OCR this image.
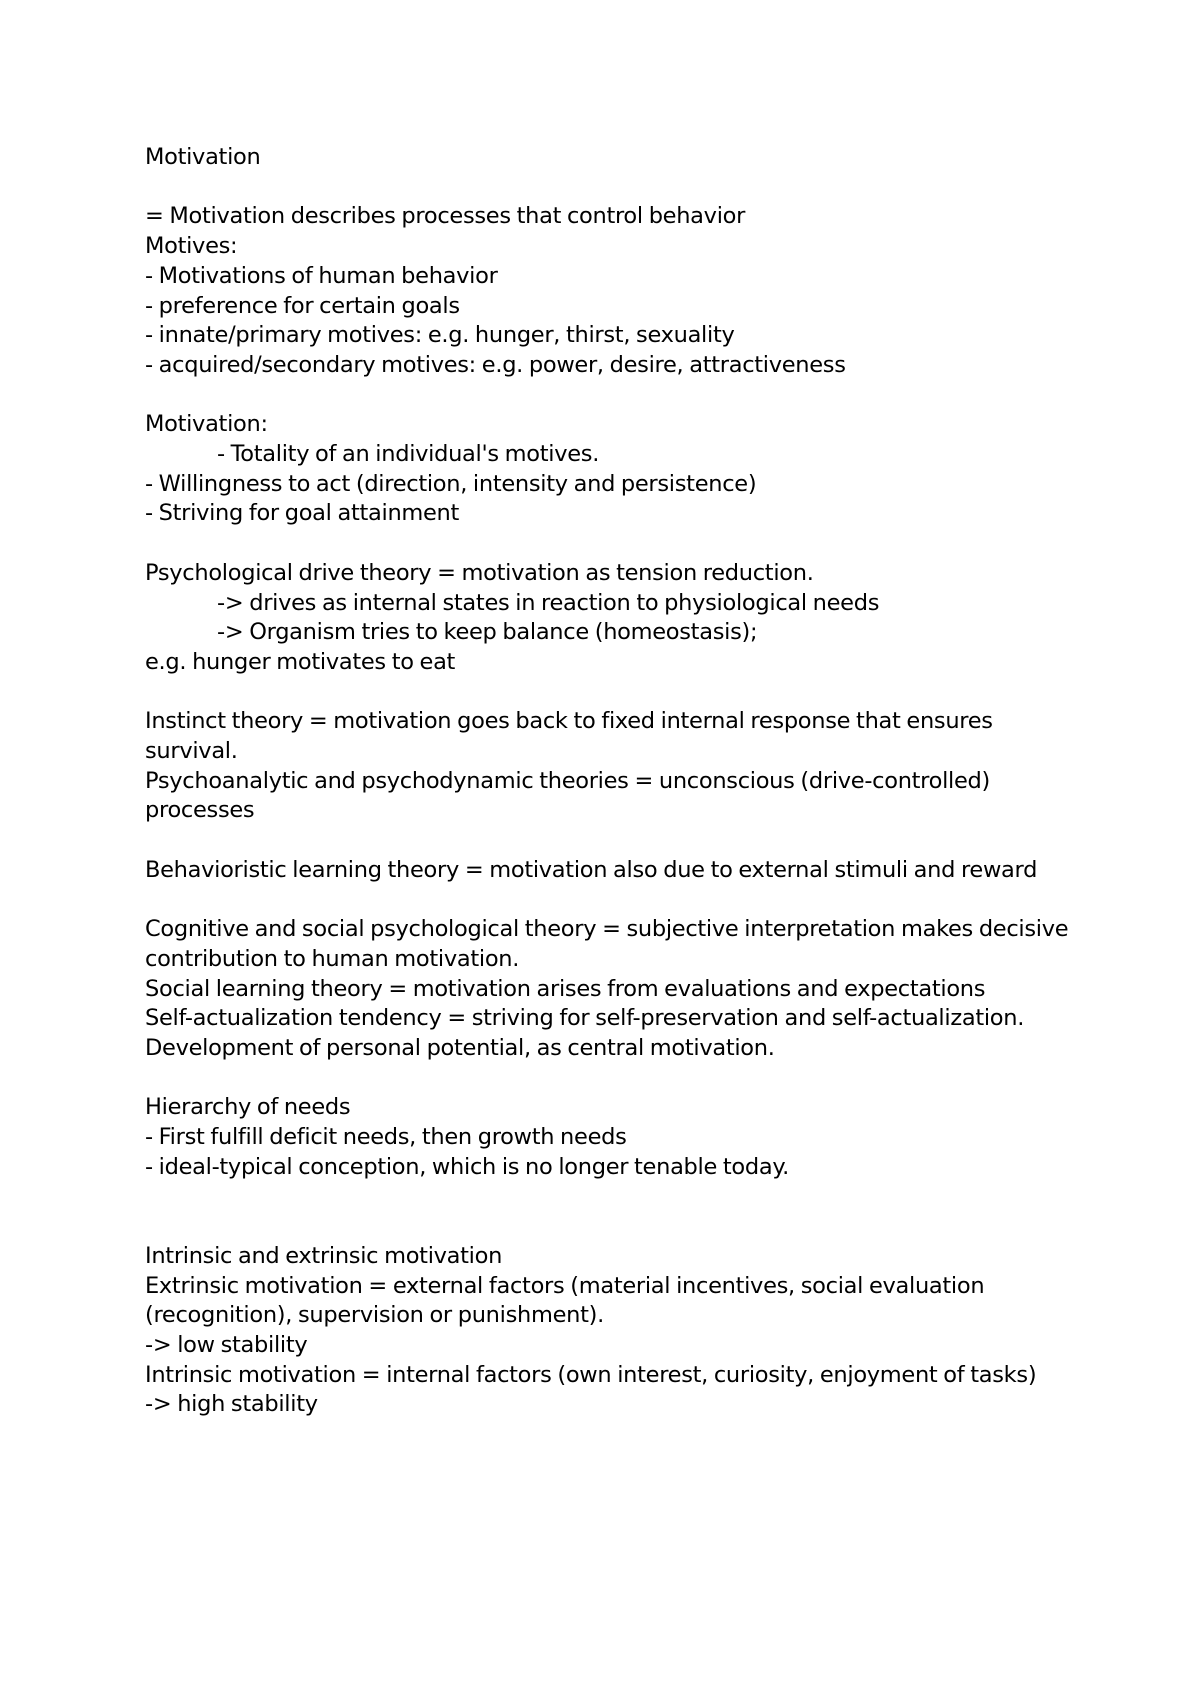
Motivation
= Motivation describes processes that control behavior
Motives:
- Motivations of human behavior
- preference for certain goals
- innate/primary motives: e.g. hunger, thirst, sexuality
- acquired/secondary motives: e.g. power, desire, attractiveness
Motivation:
- Totality of an individual's motives.
- Willingness to act (direction, intensity and persistence)
- Striving for goal attainment
Psychological drive theory = motivation as tension reduction.
-> drives as internal states in reaction to physiological needs
-> Organism tries to keep balance (homeostasis);
e.g. hunger motivates to eat
Instinct theory = motivation goes back to fixed internal response that ensures survival.
Psychoanalytic and psychodynamic theories = unconscious (drive-controlled) processes
Behavioristic learning theory = motivation also due to external stimuli and reward
Cognitive and social psychological theory = subjective interpretation makes decisive contribution to human motivation.
Social learning theory = motivation arises from evaluations and expectations
Self-actualization tendency = striving for self-preservation and self-actualization. Development of personal potential, as central motivation.
Hierarchy of needs
- First fulfill deficit needs, then growth needs
- ideal-typical conception, which is no longer tenable today.
Intrinsic and extrinsic motivation
Extrinsic motivation = external factors (material incentives, social evaluation (recognition), supervision or punishment).
-> low stability
Intrinsic motivation = internal factors (own interest, curiosity, enjoyment of tasks)
-> high stability
